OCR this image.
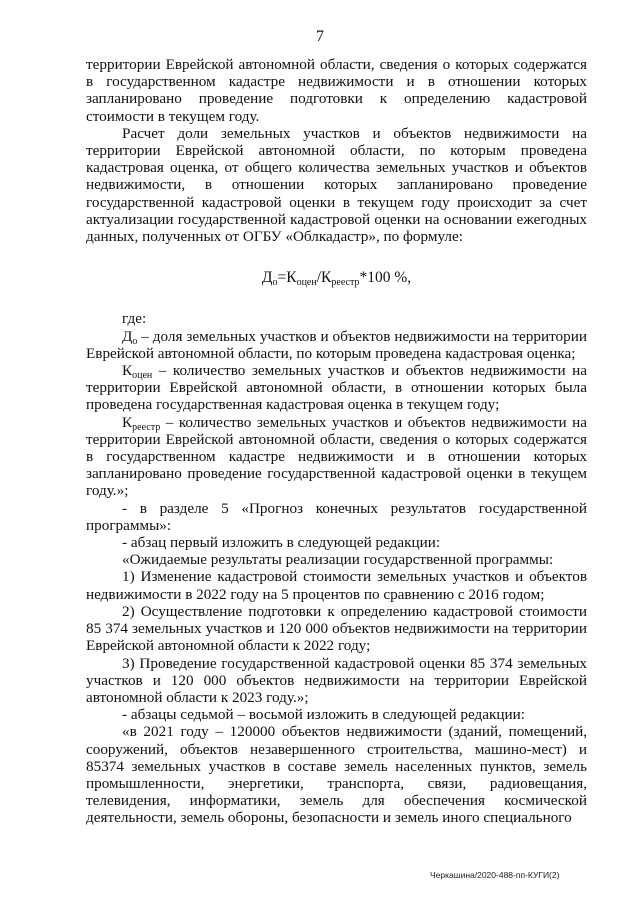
7

территории Еврейской автономной области, сведения о которых содержатся в государственном кадастре недвижимости и в отношении которых запланировано проведение подготовки к определению кадастровой стоимости в текущем году.

Расчет доли земельных участков и объектов недвижимости на территории Еврейской автономной области, по которым проведена кадастровая оценка, от общего количества земельных участков и объектов недвижимости, в отношении которых запланировано проведение государственной кадастровой оценки в текущем году происходит за счет актуализации государственной кадастровой оценки на основании ежегодных данных, полученных от ОГБУ «Облкадастр», по формуле:

$Д_о=К_{оцен}/К_{реестр}*100$ %,

где:

$Д_о$ – доля земельных участков и объектов недвижимости на территории Еврейской автономной области, по которым проведена кадастровая оценка;

$К_{оцен}$ – количество земельных участков и объектов недвижимости на территории Еврейской автономной области, в отношении которых была проведена государственная кадастровая оценка в текущем году;

$К_{реестр}$ – количество земельных участков и объектов недвижимости на территории Еврейской автономной области, сведения о которых содержатся в государственном кадастре недвижимости и в отношении которых запланировано проведение государственной кадастровой оценки в текущем году.»;

- в разделе 5 «Прогноз конечных результатов государственной программы»:

- абзац первый изложить в следующей редакции:

«Ожидаемые результаты реализации государственной программы:

1) Изменение кадастровой стоимости земельных участков и объектов недвижимости в 2022 году на 5 процентов по сравнению с 2016 годом;

2) Осуществление подготовки к определению кадастровой стоимости 85 374 земельных участков и 120 000 объектов недвижимости на территории Еврейской автономной области к 2022 году;

3) Проведение государственной кадастровой оценки 85 374 земельных участков и 120 000 объектов недвижимости на территории Еврейской автономной области к 2023 году.»;

- абзацы седьмой – восьмой изложить в следующей редакции:

«в 2021 году – 120000 объектов недвижимости (зданий, помещений, сооружений, объектов незавершенного строительства, машино-мест) и 85374 земельных участков в составе земель населенных пунктов, земель промышленности, энергетики, транспорта, связи, радиовещания, телевидения, информатики, земель для обеспечения космической деятельности, земель обороны, безопасности и земель иного специального

Черкашина/2020-488-пп-КУГИ(2)
